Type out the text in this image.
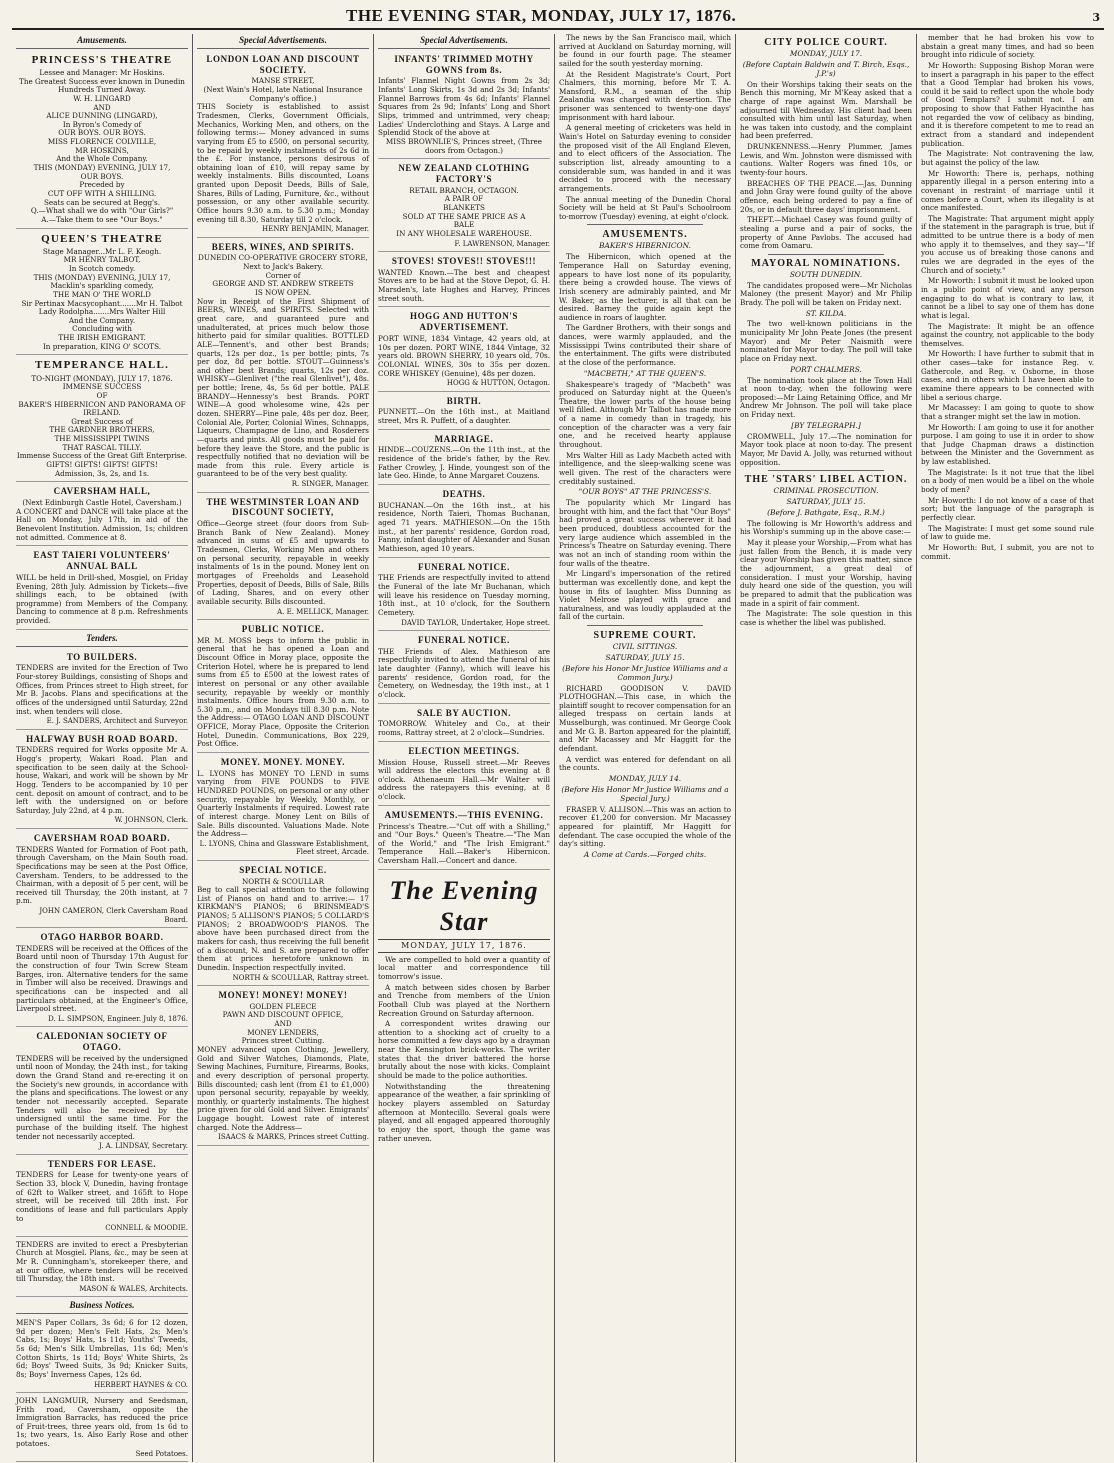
THE EVENING STAR, MONDAY, JULY 17, 1876.	3
Amusements.
PRINCESS'S THEATRE

Lessee and Manager: Mr Hoskins.

The Greatest Success ever known in Dunedin

Hundreds Turned Away.

W. H. LINGARD

AND

ALICE DUNNING (LINGARD),

In Byron's Comedy of

OUR BOYS. OUR BOYS.

MISS FLORENCE COLVILLE,

MR HOSKINS,

And the Whole Company.

THIS (MONDAY) EVENING, JULY 17,

OUR BOYS.

Preceded by

CUT OFF WITH A SHILLING.

Seats can be secured at Begg's.

Q.—What shall we do with "Our Girls?"

A.—Take them to see "Our Boys."

QUEEN'S THEATRE

Stage Manager...Mr L. F. Keogh.

MR HENRY TALBOT,

In Scotch comedy.

THIS (MONDAY) EVENING, JULY 17,

Macklin's sparkling comedy,

THE MAN O' THE WORLD

Sir Pertinax Macsycophant.......Mr H. Talbot

Lady Rodolpha.......Mrs Walter Hill

And the Company.

Concluding with

THE IRISH EMIGRANT.

In preparation, KING O' SCOTS.

TEMPERANCE HALL.

TO-NIGHT (MONDAY), JULY 17, 1876.

IMMENSE SUCCESS

OF

BAKER'S HIBERNICON AND PANORAMA OF IRELAND.

Great Success of

THE GARDNER BROTHERS,

THE MISSISSIPPI TWINS

THAT RASCAL TILLY.

Immense Success of the Great Gift Enterprise.

GIFTS! GIFTS! GIFTS! GIFTS!

Admission, 3s, 2s, and 1s.

CAVERSHAM HALL,

(Next Edinburgh Castle Hotel, Caversham.)

A CONCERT and DANCE will take place at the Hall on Monday, July 17th, in aid of the Benevolent Institution. Admission, 1s; children not admitted. Commence at 8.

EAST TAIERI VOLUNTEERS' ANNUAL BALL

WILL be held in Drill-shed, Mosgiel, on Friday Evening, 28th July. Admission by Tickets—five shillings each, to be obtained (with programme) from Members of the Company. Dancing to commence at 8 p.m. Refreshments provided.

Tenders.
TO BUILDERS.

TENDERS are invited for the Erection of Two Four-storey Buildings, consisting of Shops and Offices, from Princes street to High street, for Mr B. Jacobs. Plans and specifications at the offices of the undersigned until Saturday, 22nd inst. when tenders will close.

E. J. SANDERS, Architect and Surveyor.

HALFWAY BUSH ROAD BOARD.

TENDERS required for Works opposite Mr A. Hogg's property, Wakari Road. Plan and specification to be seen daily at the School-house, Wakari, and work will be shown by Mr Hogg. Tenders to be accompanied by 10 per cent. deposit on amount of contract, and to be left with the undersigned on or before Saturday, July 22nd, at 4 p.m.

W. JOHNSON, Clerk.

CAVERSHAM ROAD BOARD.

TENDERS Wanted for Formation of Foot path, through Caversham, on the Main South road. Specifications may be seen at the Post Office, Caversham. Tenders, to be addressed to the Chairman, with a deposit of 5 per cent, will be received till Thursday, the 20th instant, at 7 p.m.

JOHN CAMERON, Clerk Caversham Road Board.

OTAGO HARBOR BOARD.

TENDERS will be received at the Offices of the Board until noon of Thursday 17th August for the construction of four Twin Screw Steam Barges, iron. Alternative tenders for the same in Timber will also be received. Drawings and specifications can be inspected and all particulars obtained, at the Engineer's Office, Liverpool street.

D. L. SIMPSON, Engineer. July 8, 1876.

CALEDONIAN SOCIETY OF OTAGO.

TENDERS will be received by the undersigned until noon of Monday, the 24th inst., for taking down the Grand Stand and re-erecting it on the Society's new grounds, in accordance with the plans and specifications. The lowest or any tender not necessarily accepted. Separate Tenders will also be received by the undersigned until the same time. For the purchase of the building itself. The highest tender not necessarily accepted.

J. A. LINDSAY, Secretary.

TENDERS FOR LEASE.

TENDERS for Lease for twenty-one years of Section 33, block V, Dunedin, having frontage of 62ft to Walker street, and 165ft to Hope street, will be received till 28th inst. For conditions of lease and full particulars Apply to

CONNELL & MOODIE.

TENDERS are invited to erect a Presbyterian Church at Mosgiel. Plans, &c., may be seen at Mr R. Cunningham's, storekeeper there, and at our office, where tenders will be received till Thursday, the 18th inst.

MASON & WALES, Architects.

Business Notices.

MEN'S Paper Collars, 3s 6d; 6 for 12 dozen, 9d per dozen; Men's Felt Hats, 2s; Men's Cabs, 1s; Boys' Hats, 1s 11d; Youths' Tweeds, 5s 6d; Men's Silk Umbrellas, 11s 6d; Men's Cotton Shirts, 1s 11d; Boys' White Shirts, 2s 6d; Boys' Tweed Suits, 3s 9d; Knicker Suits, 8s; Boys' Inverness Capes, 12s 6d.

HERBERT HAYNES & CO.

JOHN LANGMUIR, Nursery and Seedsman, Frith road, Caversham, opposite the Immigration Barracks, has reduced the price of Fruit-trees, three years old, from 1s 6d to 1s; two years, 1s. Also Early Rose and other potatoes.

Seed Potatoes.

Special Advertisements.
LONDON LOAN AND DISCOUNT SOCIETY.

MANSE STREET,

(Next Wain's Hotel, late National Insurance Company's office.)

THIS Society is established to assist Tradesmen, Clerks, Government Officials, Mechanics, Working Men, and others, on the following terms:— Money advanced in sums varying from £5 to £500, on personal security, to be repaid by weekly instalments of 2s 6d in the £. For instance, persons desirous of obtaining loan of £10, will repay same by weekly instalments. Bills discounted, Loans granted upon Deposit Deeds, Bills of Sale, Shares, Bills of Lading, Furniture, &c., without possession, or any other available security. Office hours 9.30 a.m. to 5.30 p.m.; Monday evening till 8.30, Saturday till 2 o'clock.

HENRY BENJAMIN, Manager.

BEERS, WINES, AND SPIRITS.

DUNEDIN CO-OPERATIVE GROCERY STORE,

Next to Jack's Bakery.

Corner of

GEORGE AND ST. ANDREW STREETS

IS NOW OPEN.

Now in Receipt of the First Shipment of BEERS, WINES, and SPIRITS. Selected with great care, and guaranteed pure and unadulterated, at prices much below those hitherto paid for similar qualities. BOTTLED ALE—Tennent's, and other best Brands; quarts, 12s per doz., 1s per bottle; pints, 7s per doz, 8d per bottle. STOUT—Guinness's and other best Brands; quarts, 12s per doz. WHISKY—Glenlivet ("the real Glenlivet"), 48s. per bottle; Irene, 4s, 5s 6d per bottle. PALE BRANDY—Hennessy's best Brands. PORT WINE—A good wholesome wine, 42s per dozen. SHERRY—Fine pale, 48s per doz. Beer, Colonial Ale, Porter, Colonial Wines, Schnapps, Liqueurs, Champagne de Lino, and Rosderers—quarts and pints. All goods must be paid for before they leave the Store, and the public is respectfully notified that no deviation will be made from this rule. Every article is guaranteed to be of the very best quality.

R. SINGER, Manager.

THE WESTMINSTER LOAN AND DISCOUNT SOCIETY,

Office—George street (four doors from Sub-Branch Bank of New Zealand). Money advanced in sums of £5 and upwards to Tradesmen, Clerks, Working Men and others on personal security, repayable in weekly instalments of 1s in the pound. Money lent on mortgages of Freeholds and Leasehold Properties, deposit of Deeds, Bills of Sale, Bills of Lading, Shares, and on every other available security. Bills discounted.

A. E. MELLICK, Manager.

PUBLIC NOTICE.

MR M. MOSS begs to inform the public in general that he has opened a Loan and Discount Office in Moray place, opposite the Criterion Hotel, where he is prepared to lend sums from £5 to £500 at the lowest rates of interest on personal or any other available security, repayable by weekly or monthly instalments. Office hours from 9.30 a.m. to 5.30 p.m., and on Mondays till 8.30 p.m. Note the Address:— OTAGO LOAN AND DISCOUNT OFFICE, Moray Place, Opposite the Criterion Hotel, Dunedin. Communications, Box 229, Post Office.

MONEY. MONEY. MONEY.

L. LYONS has MONEY TO LEND in sums varying from FIVE POUNDS to FIVE HUNDRED POUNDS, on personal or any other security, repayable by Weekly, Monthly, or Quarterly Instalments if required. Lowest rate of interest charge. Money Lent on Bills of Sale. Bills discounted. Valuations Made. Note the Address—

L. LYONS, China and Glassware Establishment, Fleet street, Arcade.

SPECIAL NOTICE.

NORTH & SCOULLAR

Beg to call special attention to the following List of Pianos on hand and to arrive:— 17 KIRKMAN'S PIANOS; 6 BRINSMEAD'S PIANOS; 5 ALLISON'S PIANOS; 5 COLLARD'S PIANOS; 2 BROADWOOD'S PIANOS. The above have been purchased direct from the makers for cash, thus receiving the full benefit of a discount, N. and S. are prepared to offer them at prices heretofore unknown in Dunedin. Inspection respectfully invited.

NORTH & SCOULLAR, Rattray street.

MONEY! MONEY! MONEY!

GOLDEN FLEECE

PAWN AND DISCOUNT OFFICE,

AND

MONEY LENDERS,

Princes street Cutting.

MONEY advanced upon Clothing, Jewellery, Gold and Silver Watches, Diamonds, Plate, Sewing Machines, Furniture, Firearms, Books, and every description of personal property. Bills discounted; cash lent (from £1 to £1,000) upon personal security, repayable by weekly, monthly, or quarterly instalments. The highest price given for old Gold and Silver. Emigrants' Luggage bought. Lowest rate of interest charged. Note the Address—

ISAACS & MARKS, Princes street Cutting.

Special Advertisements.
INFANTS' TRIMMED MOTHY GOWNS from 8s.

Infants' Flannel Night Gowns from 2s 3d; Infants' Long Skirts, 1s 3d and 2s 3d; Infants' Flannel Barrows from 4s 6d; Infants' Flannel Squares from 2s 9d; Infants' Long and Short Slips, trimmed and untrimmed, very cheap; Ladies' Underclothing and Stays. A Large and Splendid Stock of the above at

MISS BROWNLIE'S, Princes street, (Three doors from Octagon.)

NEW ZEALAND CLOTHING FACTORY'S

RETAIL BRANCH, OCTAGON.

A PAIR OF

BLANKETS

SOLD AT THE SAME PRICE AS A

BALE

IN ANY WHOLESALE WAREHOUSE.

F. LAWRENSON, Manager.

STOVES! STOVES!! STOVES!!!

WANTED Known.—The best and cheapest Stoves are to be had at the Stove Depot, G. H. Marsden's, late Hughes and Harvey, Princes street south.

HOGG AND HUTTON'S ADVERTISEMENT.

PORT WINE, 1834 Vintage, 42 years old, at 10s per dozen. PORT WINE, 1844 Vintage, 32 years old. BROWN SHERRY, 10 years old, 70s. COLONIAL WINES, 30s to 35s per dozen. CORE WHISKEY (Genuine), 48s per dozen.

HOGG & HUTTON, Octagon.

BIRTH.

PUNNETT.—On the 16th inst., at Maitland street, Mrs R. Puffett, of a daughter.

MARRIAGE.

HINDE—COUZENS.—On the 11th inst., at the residence of the bride's father, by the Rev. Father Crowley, J. Hinde, youngest son of the late Geo. Hinde, to Anne Margaret Couzens.

DEATHS.

BUCHANAN.—On the 16th inst., at his residence, North Taieri, Thomas Buchanan, aged 71 years. MATHIESON.—On the 15th inst., at her parents' residence, Gordon road, Fanny, infant daughter of Alexander and Susan Mathieson, aged 10 years.

FUNERAL NOTICE.

THE Friends are respectfully invited to attend the Funeral of the late Mr Buchanan, which will leave his residence on Tuesday morning, 18th inst., at 10 o'clock, for the Southern Cemetery.

DAVID TAYLOR, Undertaker, Hope street.

FUNERAL NOTICE.

THE Friends of Alex. Mathieson are respectfully invited to attend the funeral of his late daughter (Fanny), which will leave his parents' residence, Gordon road, for the Cemetery, on Wednesday, the 19th inst., at 1 o'clock.

SALE BY AUCTION.

TOMORROW. Whiteley and Co., at their rooms, Rattray street, at 2 o'clock—Sundries.

ELECTION MEETINGS.

Mission House, Russell street.—Mr Reeves will address the electors this evening at 8 o'clock. Athenaeum Hall.—Mr Walter will address the ratepayers this evening, at 8 o'clock.

AMUSEMENTS.—THIS EVENING.

Princess's Theatre.—"Cut off with a Shilling," and "Our Boys." Queen's Theatre.—"The Man of the World," and "The Irish Emigrant." Temperance Hall.—Baker's Hibernicon. Caversham Hall.—Concert and dance.

The Evening Star
MONDAY, JULY 17, 1876.

We are compelled to hold over a quantity of local matter and correspondence till tomorrow's issue.

A match between sides chosen by Barber and Trenche from members of the Union Football Club was played at the Northern Recreation Ground on Saturday afternoon.

A correspondent writes drawing our attention to a shocking act of cruelty to a horse committed a few days ago by a drayman near the Kensington brick-works. The writer states that the driver battered the horse brutally about the nose with kicks. Complaint should be made to the police authorities.

Notwithstanding the threatening appearance of the weather, a fair sprinkling of hockey players assembled on Saturday afternoon at Montecillo. Several goals were played, and all engaged appeared thoroughly to enjoy the sport, though the game was rather uneven.

The news by the San Francisco mail, which arrived at Auckland on Saturday morning, will be found in our fourth page. The steamer sailed for the south yesterday morning.

At the Resident Magistrate's Court, Port Chalmers, this morning, before Mr T. A. Mansford, R.M., a seaman of the ship Zealandia was charged with desertion. The prisoner was sentenced to twenty-one days' imprisonment with hard labour.

A general meeting of cricketers was held in Wain's Hotel on Saturday evening to consider the proposed visit of the All England Eleven, and to elect officers of the Association. The subscription list, already amounting to a considerable sum, was handed in and it was decided to proceed with the necessary arrangements.

The annual meeting of the Dunedin Choral Society will be held at St Paul's Schoolroom to-morrow (Tuesday) evening, at eight o'clock.

AMUSEMENTS.
BAKER'S HIBERNICON.

The Hibernicon, which opened at the Temperance Hall on Saturday evening, appears to have lost none of its popularity, there being a crowded house. The views of Irish scenery are admirably painted, and Mr W. Baker, as the lecturer, is all that can be desired. Barney the guide again kept the audience in roars of laughter.

The Gardner Brothers, with their songs and dances, were warmly applauded, and the Mississippi Twins contributed their share of the entertainment. The gifts were distributed at the close of the performance.

"MACBETH," AT THE QUEEN'S.

Shakespeare's tragedy of "Macbeth" was produced on Saturday night at the Queen's Theatre, the lower parts of the house being well filled. Although Mr Talbot has made more of a name in comedy than in tragedy, his conception of the character was a very fair one, and he received hearty applause throughout.

Mrs Walter Hill as Lady Macbeth acted with intelligence, and the sleep-walking scene was well given. The rest of the characters were creditably sustained.

"OUR BOYS" AT THE PRINCESS'S.

The popularity which Mr Lingard has brought with him, and the fact that "Our Boys" had proved a great success wherever it had been produced, doubtless accounted for the very large audience which assembled in the Princess's Theatre on Saturday evening. There was not an inch of standing room within the four walls of the theatre.

Mr Lingard's impersonation of the retired butterman was excellently done, and kept the house in fits of laughter. Miss Dunning as Violet Melrose played with grace and naturalness, and was loudly applauded at the fall of the curtain.

SUPREME COURT.
CIVIL SITTINGS.
SATURDAY, JULY 15.
(Before his Honor Mr Justice Williams and a Common Jury.)

RICHARD GOODISON V. DAVID PLOTHOGHAN.—This case, in which the plaintiff sought to recover compensation for an alleged trespass on certain lands at Musselburgh, was continued. Mr George Cook and Mr G. B. Barton appeared for the plaintiff, and Mr Macassey and Mr Haggitt for the defendant.

A verdict was entered for defendant on all the counts.

MONDAY, JULY 14.
(Before His Honor Mr Justice Williams and a Special Jury.)

FRASER V. ALLISON.—This was an action to recover £1,200 for conversion. Mr Macassey appeared for plaintiff, Mr Haggitt for defendant. The case occupied the whole of the day's sitting.

A Come at Cards.—Forged chits.
CITY POLICE COURT.
MONDAY, JULY 17.
(Before Captain Baldwin and T. Birch, Esqs., J.P.'s)

On their Worships taking their seats on the Bench this morning, Mr M'Keay asked that a charge of rape against Wm. Marshall be adjourned till Wednesday. His client had been consulted with him until last Saturday, when he was taken into custody, and the complaint had been preferred.

DRUNKENNESS.—Henry Plummer, James Lewis, and Wm. Johnston were dismissed with cautions. Walter Rogers was fined 10s, or twenty-four hours.

BREACHES OF THE PEACE.—Jas. Dunning and John Gray were found guilty of the above offence, each being ordered to pay a fine of 20s, or in default three days' imprisonment.

THEFT.—Michael Casey was found guilty of stealing a purse and a pair of socks, the property of Anne Pavlobs. The accused had come from Oamaru.

MAYORAL NOMINATIONS.
SOUTH DUNEDIN.

The candidates proposed were—Mr Nicholas Maloney (the present Mayor) and Mr Philip Brady. The poll will be taken on Friday next.

ST. KILDA.

The two well-known politicians in the municipality Mr John Peate Jones (the present Mayor) and Mr Peter Naismith were nominated for Mayor to-day. The poll will take place on Friday next.

PORT CHALMERS.

The nomination took place at the Town Hall at noon to-day, when the following were proposed:—Mr Laing Retaining Office, and Mr Andrew Mr Johnson. The poll will take place on Friday next.

[BY TELEGRAPH.]

CROMWELL, July 17.—The nomination for Mayor took place at noon to-day. The present Mayor, Mr David A. Jolly, was returned without opposition.

THE 'STARS' LIBEL ACTION.
CRIMINAL PROSECUTION.
SATURDAY, JULY 15.
(Before J. Bathgate, Esq., R.M.)

The following is Mr Howorth's address and his Worship's summing up in the above case:—

May it please your Worship,—From what has just fallen from the Bench, it is made very clear your Worship has given this matter, since the adjournment, a great deal of consideration. I must your Worship, having duly heard one side of the question, you will be prepared to admit that the publication was made in a spirit of fair comment.

The Magistrate: The sole question in this case is whether the libel was published.

member that he had broken his vow to abstain a great many times, and had so been brought into ridicule of society.

Mr Howorth: Supposing Bishop Moran were to insert a paragraph in his paper to the effect that a Good Templar had broken his vows, could it be said to reflect upon the whole body of Good Templars? I submit not. I am proposing to show that Father Hyacinthe has not regarded the vow of celibacy as binding, and it is therefore competent to me to read an extract from a standard and independent publication.

The Magistrate: Not contravening the law, but against the policy of the law.

Mr Howorth: There is, perhaps, nothing apparently illegal in a person entering into a covenant in restraint of marriage until it comes before a Court, when its illegality is at once manifested.

The Magistrate: That argument might apply if the statement in the paragraph is true, but if admitted to be untrue there is a body of men who apply it to themselves, and they say—"If you accuse us of breaking those canons and rules we are degraded in the eyes of the Church and of society."

Mr Howorth: I submit it must be looked upon in a public point of view, and any person engaging to do what is contrary to law, it cannot be a libel to say one of them has done what is legal.

The Magistrate: It might be an offence against the country, not applicable to the body themselves.

Mr Howorth: I have further to submit that in other cases—take for instance Reg. v. Gathercole, and Reg. v. Osborne, in those cases, and in others which I have been able to examine there appears to be connected with libel a serious charge.

Mr Macassey: I am going to quote to show that a stranger might set the law in motion.

Mr Howorth: I am going to use it for another purpose. I am going to use it in order to show that Judge Chapman draws a distinction between the Minister and the Government as by law established.

The Magistrate: Is it not true that the libel on a body of men would be a libel on the whole body of men?

Mr Howorth: I do not know of a case of that sort; but the language of the paragraph is perfectly clear.

The Magistrate: I must get some sound rule of law to guide me.

Mr Howorth: But, I submit, you are not to commit.
